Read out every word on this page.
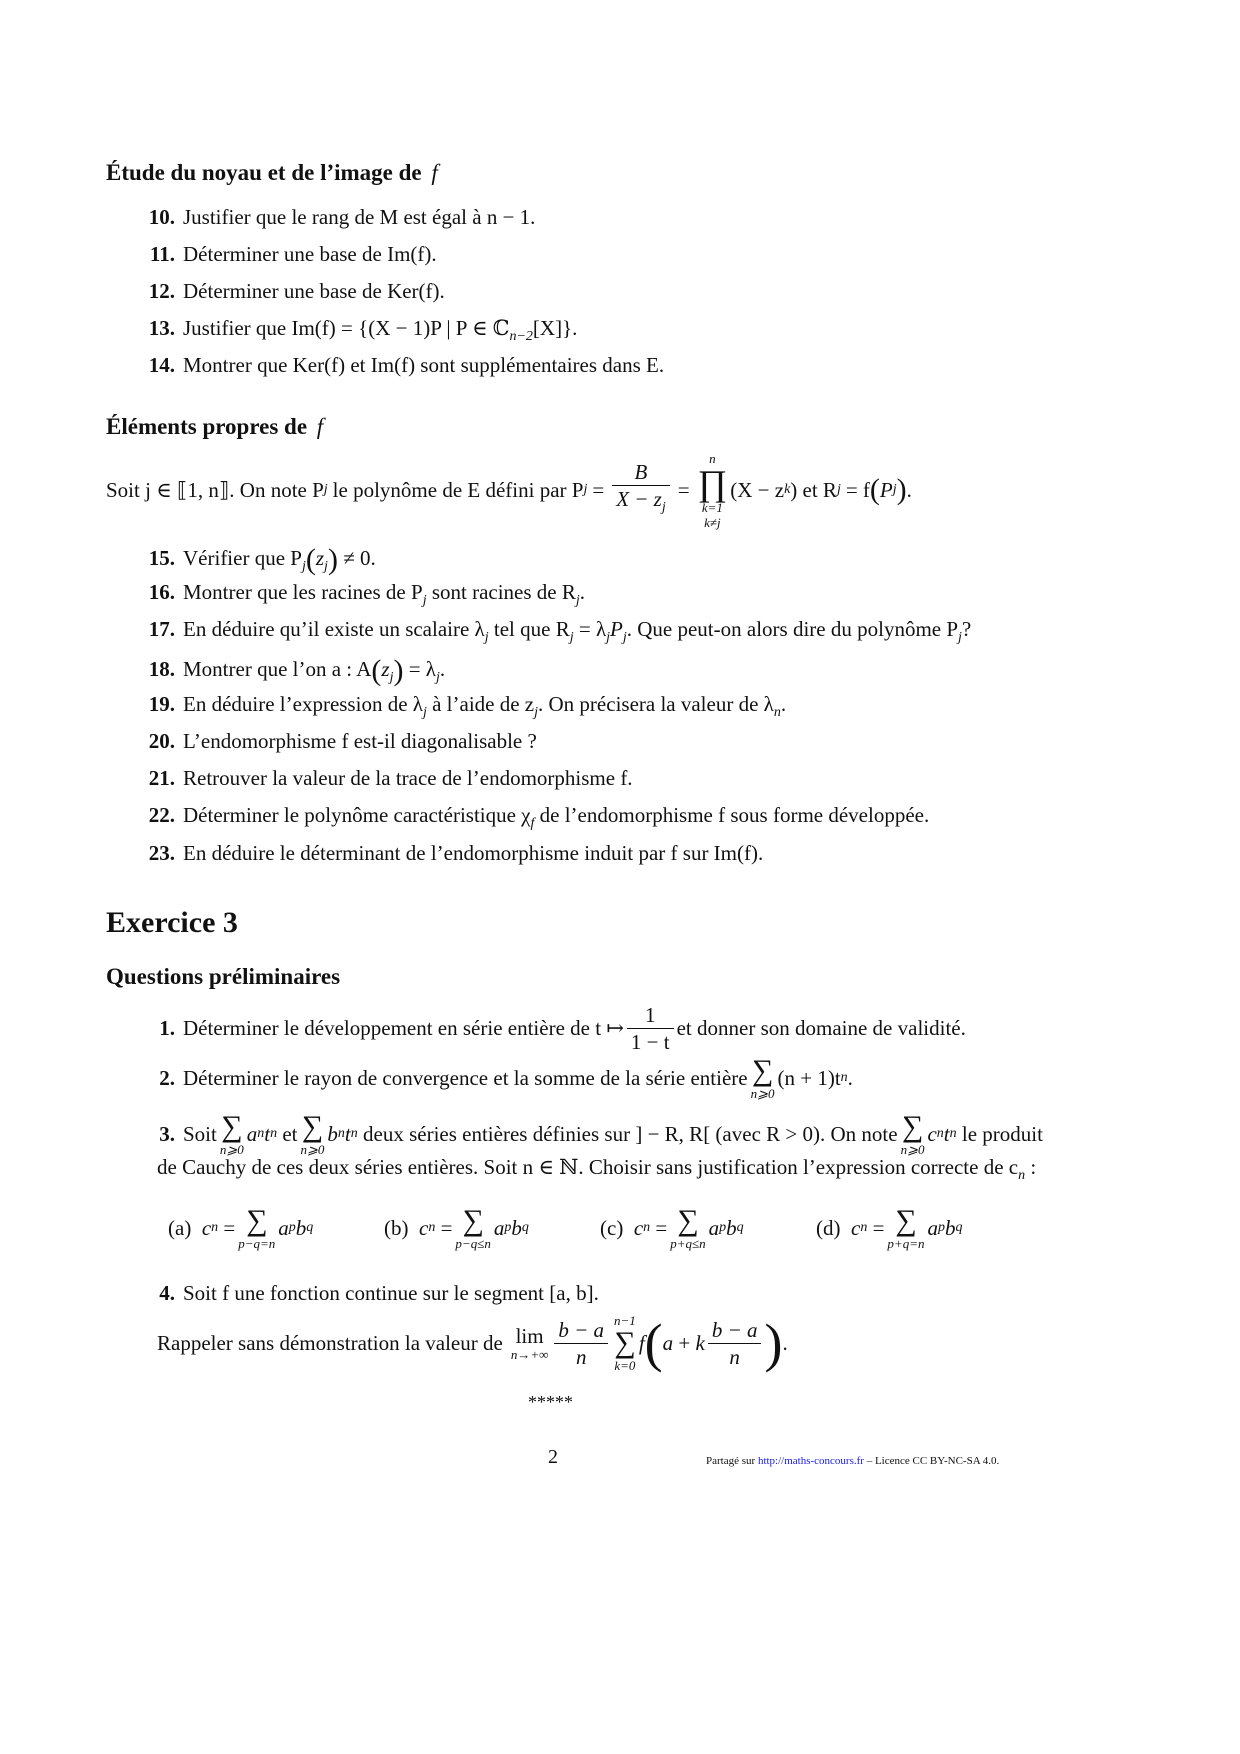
Étude du noyau et de l’image de f
10. Justifier que le rang de M est égal à n − 1.
11. Déterminer une base de Im(f).
12. Déterminer une base de Ker(f).
13. Justifier que Im(f) = {(X − 1)P | P ∈ ℂ$_{n-2}$[X]}.
14. Montrer que Ker(f) et Im(f) sont supplémentaires dans E.
Éléments propres de f
Soit j ∈ ⟦1, n⟧. On note P j le polynôme de E défini par P $j = \frac{B}{X - z_j}$ =
n
∏
k=1
k≠j
(X − z k ) et R j = f ( P j ) .
15. Vérifier que $P_j(z_j) \ne 0$.
16. Montrer que les racines de $P_j$ sont racines de $R_j$.
17. En déduire qu’il existe un scalaire $\lambda_j$ tel que $R_j = \lambda_jP_j$. Que peut-on alors dire du polynôme $P_j$?
18. Montrer que l’on a : $A(z_j) = \lambda_j$.
19. En déduire l’expression de $\lambda_j$ à l’aide de $z_j$. On précisera la valeur de $\lambda_n$.
20. L’endomorphisme f est-il diagonalisable ?
21. Retrouver la valeur de la trace de l’endomorphisme f.
22. Déterminer le polynôme caractéristique $\chi_f$ de l’endomorphisme f sous forme développée.
23. En déduire le déterminant de l’endomorphisme induit par f sur Im(f).
Exercice 3
Questions préliminaires
1. Déterminer le développement en série entière de t ↦ $\frac{1}{1 - t}$ et donner son domaine de validité.
2. Déterminer le rayon de convergence et la somme de la série entière ∑
n⩾0
(n + 1)t n .
3. Soit ∑
n⩾0
a n t n
et ∑
n⩾0
b n t n
deux séries entières définies sur ] − R, R[ (avec R > 0). On note ∑
n⩾0
c n t n
le produit
de Cauchy de ces deux séries entières. Soit n ∈ ℕ. Choisir sans justification l’expression correcte de $c_n$ :
(a)
c n = ∑
p−q=n
a p b q	(b)
c n = ∑
p−q≤n
a p b q	(c)
c n = ∑
p+q≤n
a p b q	(d)
c n = ∑
p+q=n
a p b q
4. Soit f une fonction continue sur le segment [a, b].
Rappeler sans démonstration la valeur de lim
$n\to+\infty \frac{b - a}{n} n-1$
∑
k=0
f ( a + k $\frac{b - a}{n}$ ) .
*****
2	Partagé sur http://maths-concours.fr – Licence CC BY-NC-SA 4.0.
